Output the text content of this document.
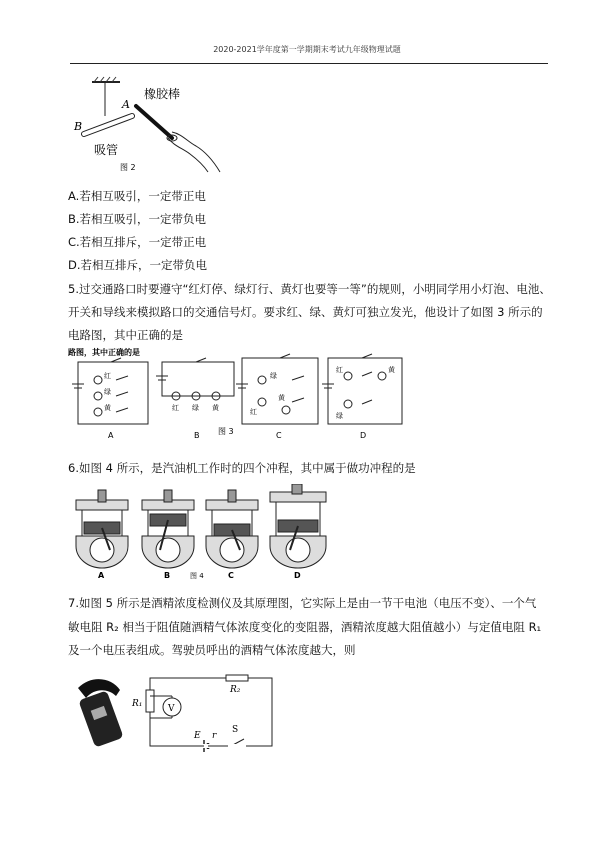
2020-2021学年度第一学期期末考试九年级物理试题
B
A
橡胶棒
吸管
图 2
A.若相互吸引，一定带正电
B.若相互吸引，一定带负电
C.若相互排斥，一定带正电
D.若相互排斥，一定带负电
5.过交通路口时要遵守“红灯停、绿灯行、黄灯也要等一等”的规则，小明同学用小灯泡、电池、
开关和导线来模拟路口的交通信号灯。要求红、绿、黄灯可独立发光，他设计了如图 3 所示的
电路图，其中正确的是
路图，其中正确的是
红
绿
黄
A
红 绿 黄
B 图 3
绿
红
黄
C
红
绿
黄
D
6.如图 4 所示，是汽油机工作时的四个冲程，其中属于做功冲程的是
A	B	图 4	C	D
7.如图 5 所示是酒精浓度检测仪及其原理图，它实际上是由一节干电池（电压不变）、一个气
敏电阻 R₂ 相当于阻值随酒精气体浓度变化的变阻器，酒精浓度越大阻值越小）与定值电阻 R₁
及一个电压表组成。驾驶员呼出的酒精气体浓度越大，则
R₁
R₂
V
E r
S
